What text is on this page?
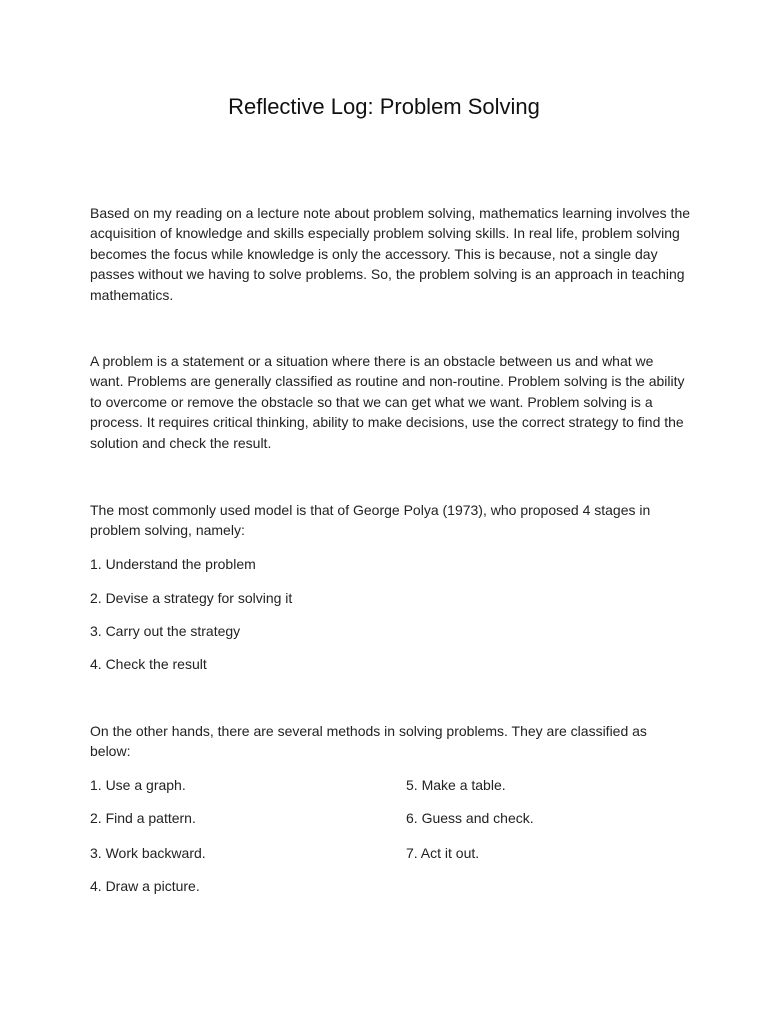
Reflective Log: Problem Solving

Based on my reading on a lecture note about problem solving, mathematics learning involves the acquisition of knowledge and skills especially problem solving skills. In real life, problem solving becomes the focus while knowledge is only the accessory. This is because, not a single day passes without we having to solve problems. So, the problem solving is an approach in teaching mathematics.

A problem is a statement or a situation where there is an obstacle between us and what we want. Problems are generally classified as routine and non-routine. Problem solving is the ability to overcome or remove the obstacle so that we can get what we want. Problem solving is a process. It requires critical thinking, ability to make decisions, use the correct strategy to find the solution and check the result.

The most commonly used model is that of George Polya (1973), who proposed 4 stages in problem solving, namely:

1. Understand the problem

2. Devise a strategy for solving it

3. Carry out the strategy

4. Check the result

On the other hands, there are several methods in solving problems. They are classified as below:

1. Use a graph.

2. Find a pattern.

3. Work backward.

4. Draw a picture.

5. Make a table.

6. Guess and check.

7. Act it out.
